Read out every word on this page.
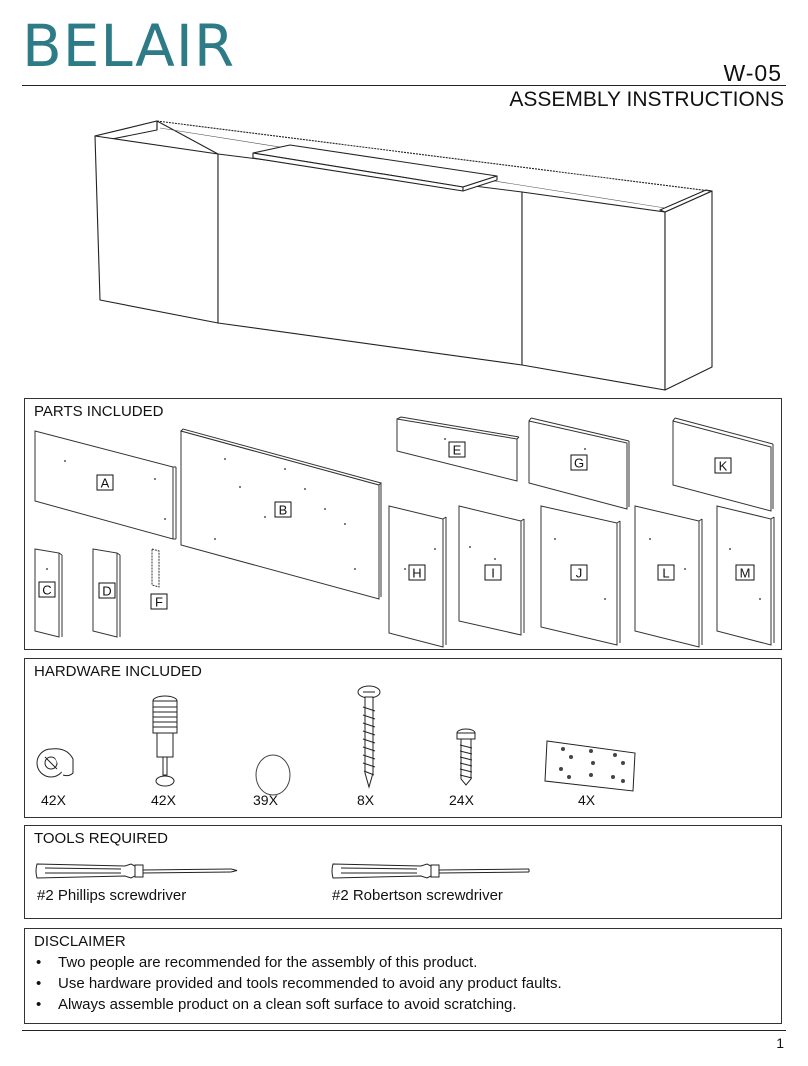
BELAIR	W-05
ASSEMBLY INSTRUCTIONS
PARTS INCLUDED
A
B
C	D
E
F
G
H	I	J
K
L	M
HARDWARE INCLUDED
42X	42X	39X	8X	24X	4X
TOOLS REQUIRED
#2 Phillips screwdriver	#2 Robertson screwdriver
DISCLAIMER
• Two people are recommended for the assembly of this product.
• Use hardware provided and tools recommended to avoid any product faults.
• Always assemble product on a clean soft surface to avoid scratching.
1
